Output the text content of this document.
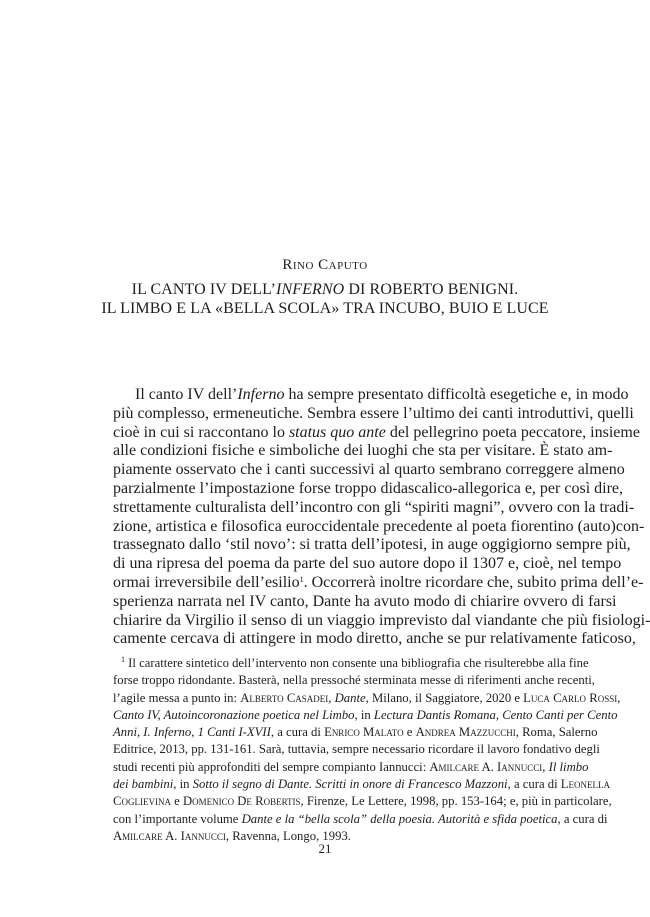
Rino Caputo

IL CANTO IV DELL’INFERNO DI ROBERTO BENIGNI.

IL LIMBO E LA «BELLA SCOLA» TRA INCUBO, BUIO E LUCE

Il canto IV dell’Inferno ha sempre presentato difficoltà esegetiche e, in modo
più complesso, ermeneutiche. Sembra essere l’ultimo dei canti introduttivi, quelli
cioè in cui si raccontano lo status quo ante del pellegrino poeta peccatore, insieme
alle condizioni fisiche e simboliche dei luoghi che sta per visitare. È stato am-
piamente osservato che i canti successivi al quarto sembrano correggere almeno
parzialmente l’impostazione forse troppo didascalico-allegorica e, per così dire,
strettamente culturalista dell’incontro con gli “spiriti magni”, ovvero con la tradi-
zione, artistica e filosofica euroccidentale precedente al poeta fiorentino (auto)con-
trassegnato dallo ‘stil novo’: si tratta dell’ipotesi, in auge oggigiorno sempre più,
di una ripresa del poema da parte del suo autore dopo il 1307 e, cioè, nel tempo
ormai irreversibile dell’esilio$^1$. Occorrerà inoltre ricordare che, subito prima dell’e-
sperienza narrata nel IV canto, Dante ha avuto modo di chiarire ovvero di farsi
chiarire da Virgilio il senso di un viaggio imprevisto dal viandante che più fisiologi-
camente cercava di attingere in modo diretto, anche se pur relativamente faticoso,
$^1$ Il carattere sintetico dell’intervento non consente una bibliografia che risulterebbe alla fine
forse troppo ridondante. Basterà, nella pressoché sterminata messe di riferimenti anche recenti,
l’agile messa a punto in: Alberto Casadei, Dante, Milano, il Saggiatore, 2020 e Luca Carlo Rossi,
Canto IV, Autoincoronazione poetica nel Limbo, in Lectura Dantis Romana, Cento Canti per Cento
Anni, I. Inferno, 1 Canti I-XVII, a cura di Enrico Malato e Andrea Mazzucchi, Roma, Salerno
Editrice, 2013, pp. 131-161. Sarà, tuttavia, sempre necessario ricordare il lavoro fondativo degli
studi recenti più approfonditi del sempre compianto Iannucci: Amilcare A. Iannucci, Il limbo
dei bambini, in Sotto il segno di Dante. Scritti in onore di Francesco Mazzoni, a cura di Leonella
Coglievina e Domenico De Robertis, Firenze, Le Lettere, 1998, pp. 153-164; e, più in particolare,
con l’importante volume Dante e la “bella scola” della poesia. Autorità e sfida poetica, a cura di
Amilcare A. Iannucci, Ravenna, Longo, 1993.

21
